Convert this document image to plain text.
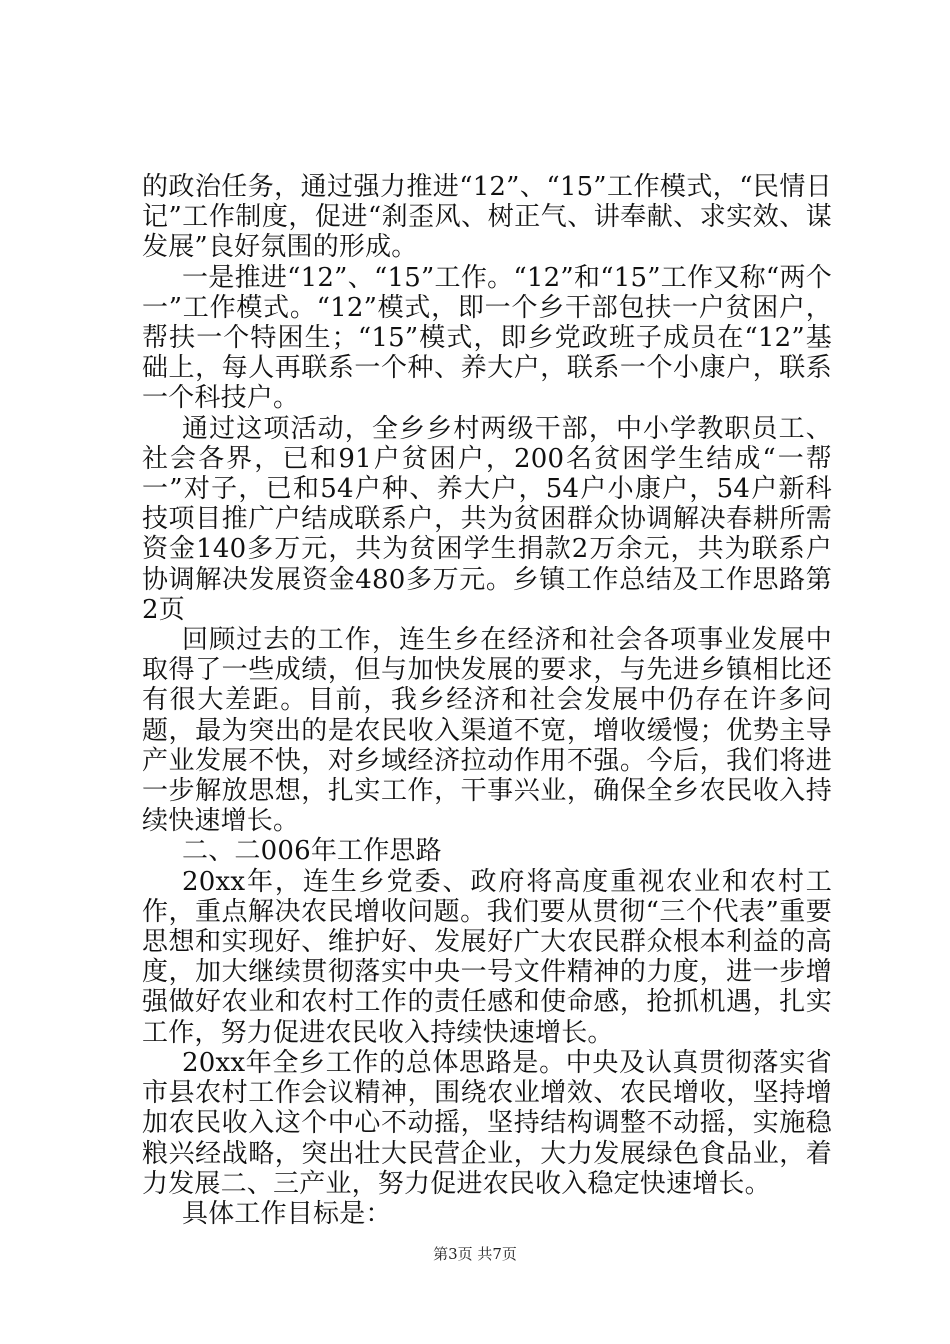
的政治任务，通过强力推进“12”、“15”工作模式，“民情日记”工作制度，促进“刹歪风、树正气、讲奉献、求实效、谋发展”良好氛围的形成。

一是推进“12”、“15”工作。“12”和“15”工作又称“两个一”工作模式。“12”模式，即一个乡干部包扶一户贫困户，帮扶一个特困生；“15”模式，即乡党政班子成员在“12”基础上，每人再联系一个种、养大户，联系一个小康户，联系一个科技户。

通过这项活动，全乡乡村两级干部，中小学教职员工、社会各界，已和91户贫困户，200名贫困学生结成“一帮一”对子，已和54户种、养大户，54户小康户，54户新科技项目推广户结成联系户，共为贫困群众协调解决春耕所需资金140多万元，共为贫困学生捐款2万余元，共为联系户协调解决发展资金480多万元。乡镇工作总结及工作思路第2页

回顾过去的工作，连生乡在经济和社会各项事业发展中取得了一些成绩，但与加快发展的要求，与先进乡镇相比还有很大差距。目前，我乡经济和社会发展中仍存在许多问题，最为突出的是农民收入渠道不宽，增收缓慢；优势主导产业发展不快，对乡域经济拉动作用不强。今后，我们将进一步解放思想，扎实工作，干事兴业，确保全乡农民收入持续快速增长。

二、二006年工作思路

20xx年，连生乡党委、政府将高度重视农业和农村工作，重点解决农民增收问题。我们要从贯彻“三个代表”重要思想和实现好、维护好、发展好广大农民群众根本利益的高度，加大继续贯彻落实中央一号文件精神的力度，进一步增强做好农业和农村工作的责任感和使命感，抢抓机遇，扎实工作，努力促进农民收入持续快速增长。

20xx年全乡工作的总体思路是。中央及认真贯彻落实省市县农村工作会议精神，围绕农业增效、农民增收，坚持增加农民收入这个中心不动摇，坚持结构调整不动摇，实施稳粮兴经战略，突出壮大民营企业，大力发展绿色食品业，着力发展二、三产业，努力促进农民收入稳定快速增长。

具体工作目标是：

第3页 共7页
